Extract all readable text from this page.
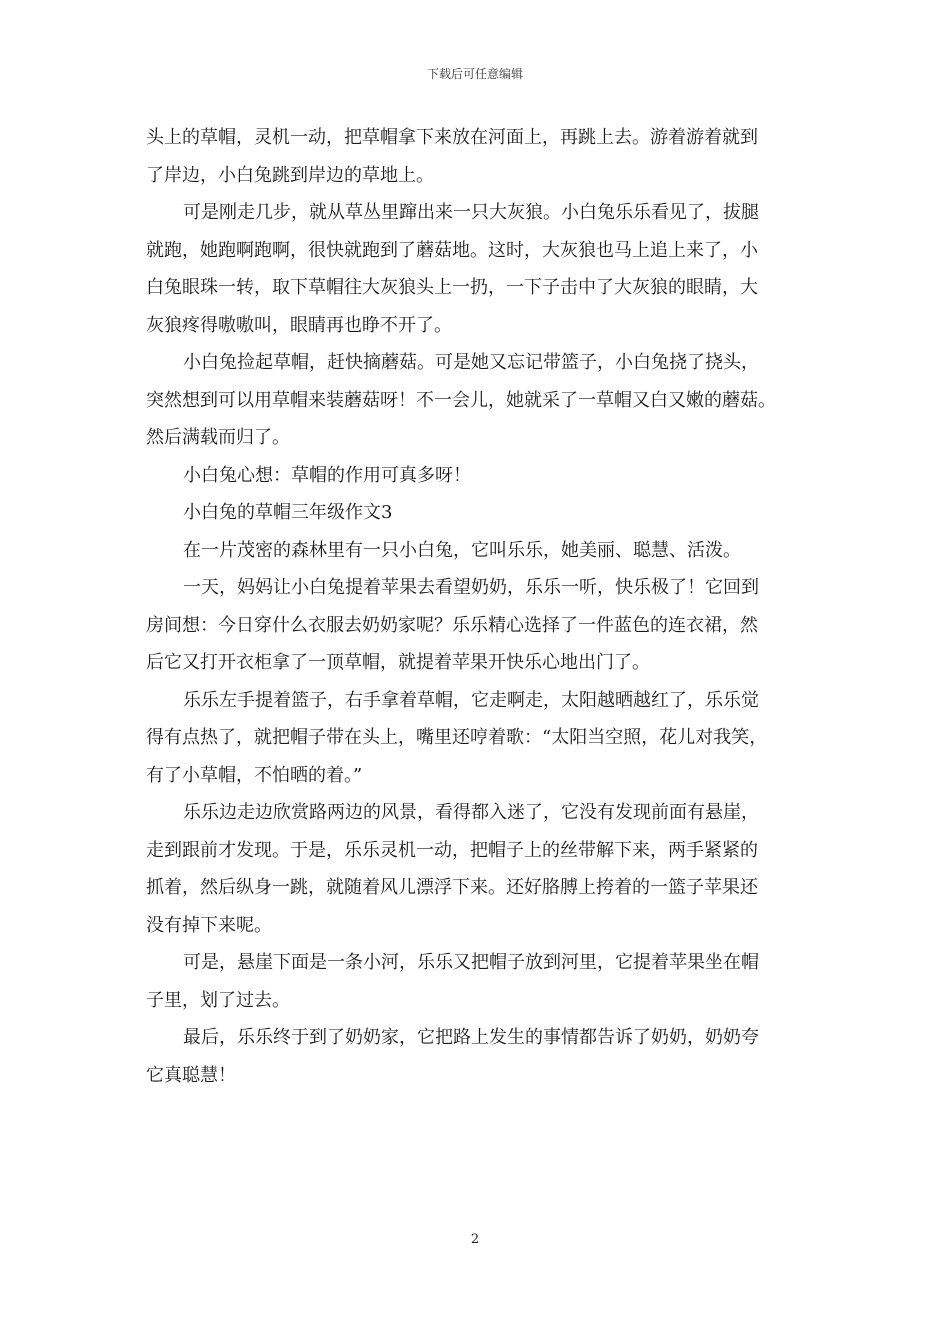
下载后可任意编辑
头上的草帽，灵机一动，把草帽拿下来放在河面上，再跳上去。游着游着就到
了岸边，小白兔跳到岸边的草地上。
可是刚走几步，就从草丛里蹿出来一只大灰狼。小白兔乐乐看见了，拔腿
就跑，她跑啊跑啊，很快就跑到了蘑菇地。这时，大灰狼也马上追上来了，小
白兔眼珠一转，取下草帽往大灰狼头上一扔，一下子击中了大灰狼的眼睛，大
灰狼疼得嗷嗷叫，眼睛再也睁不开了。
小白兔捡起草帽，赶快摘蘑菇。可是她又忘记带篮子，小白兔挠了挠头，
突然想到可以用草帽来装蘑菇呀！不一会儿，她就采了一草帽又白又嫩的蘑菇。
然后满载而归了。
小白兔心想：草帽的作用可真多呀！
小白兔的草帽三年级作文3
在一片茂密的森林里有一只小白兔，它叫乐乐，她美丽、聪慧、活泼。
一天，妈妈让小白兔提着苹果去看望奶奶，乐乐一听，快乐极了！它回到
房间想：今日穿什么衣服去奶奶家呢？乐乐精心选择了一件蓝色的连衣裙，然
后它又打开衣柜拿了一顶草帽，就提着苹果开快乐心地出门了。
乐乐左手提着篮子，右手拿着草帽，它走啊走，太阳越晒越红了，乐乐觉
得有点热了，就把帽子带在头上，嘴里还哼着歌：“太阳当空照，花儿对我笑，
有了小草帽，不怕晒的着。”
乐乐边走边欣赏路两边的风景，看得都入迷了，它没有发现前面有悬崖，
走到跟前才发现。于是，乐乐灵机一动，把帽子上的丝带解下来，两手紧紧的
抓着，然后纵身一跳，就随着风儿漂浮下来。还好胳膊上挎着的一篮子苹果还
没有掉下来呢。
可是，悬崖下面是一条小河，乐乐又把帽子放到河里，它提着苹果坐在帽
子里，划了过去。
最后，乐乐终于到了奶奶家，它把路上发生的事情都告诉了奶奶，奶奶夸
它真聪慧！
2
